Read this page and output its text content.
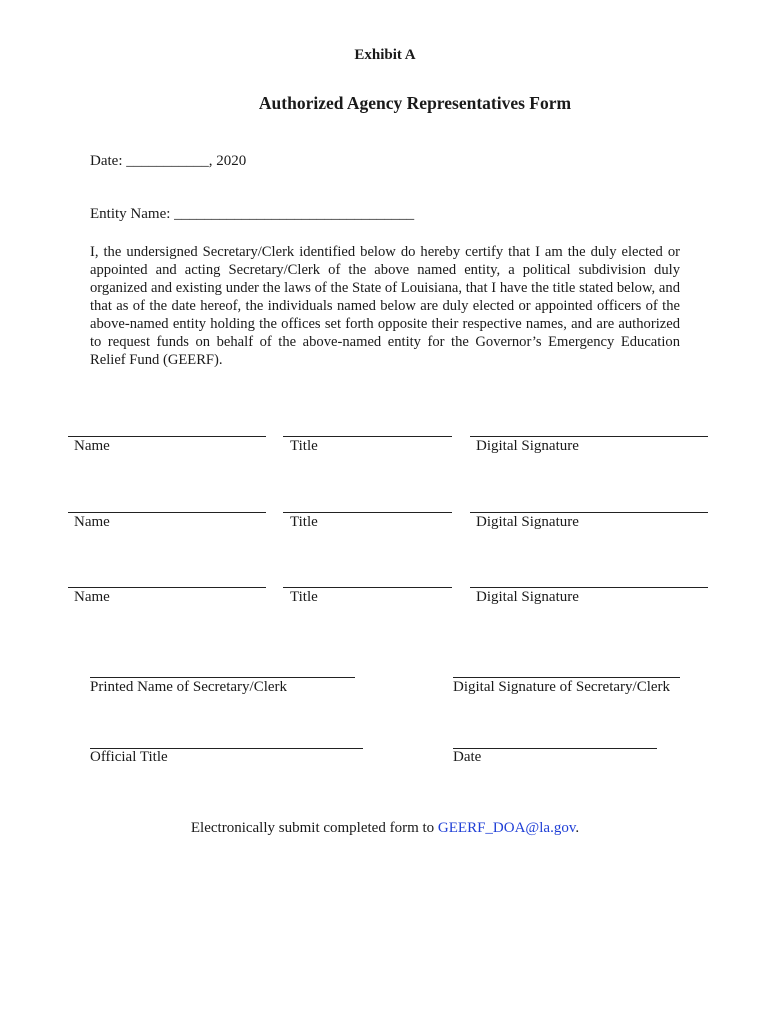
Exhibit A
Authorized Agency Representatives Form
Date: ___________, 2020
Entity Name: ________________________________
I, the undersigned Secretary/Clerk identified below do hereby certify that I am the duly elected or appointed and acting Secretary/Clerk of the above named entity, a political subdivision duly organized and existing under the laws of the State of Louisiana, that I have the title stated below, and that as of the date hereof, the individuals named below are duly elected or appointed officers of the above-named entity holding the offices set forth opposite their respective names, and are authorized to request funds on behalf of the above-named entity for the Governor’s Emergency Education Relief Fund (GEERF).
Name	Title	Digital Signature
Name	Title	Digital Signature
Name	Title	Digital Signature
Printed Name of Secretary/Clerk	Digital Signature of Secretary/Clerk
Official Title	Date
Electronically submit completed form to GEERF_DOA@la.gov.
